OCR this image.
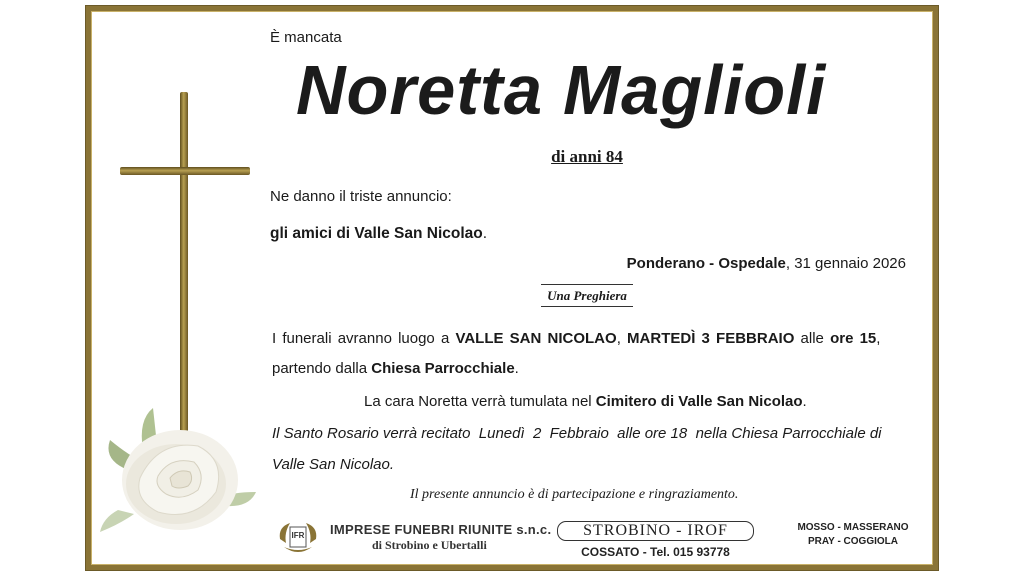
È mancata
Noretta Maglioli
di anni 84
Ne danno il triste annuncio:
gli amici di Valle San Nicolao.
Ponderano - Ospedale, 31 gennaio 2026
Una Preghiera
I funerali avranno luogo a VALLE SAN NICOLAO, MARTEDÌ 3 FEBBRAIO alle ore 15,
partendo dalla Chiesa Parrocchiale.
La cara Noretta verrà tumulata nel Cimitero di Valle San Nicolao.
Il Santo Rosario verrà recitato  Lunedì  2  Febbraio  alle ore 18  nella Chiesa Parrocchiale di
Valle San Nicolao.
Il presente annuncio è di partecipazione e ringraziamento.
IFR IMPRESE FUNEBRI RIUNITE s.n.c.
di Strobino e Ubertalli
STROBINO - IROF
COSSATO - Tel. 015 93778
MOSSO - MASSERANO
PRAY - COGGIOLA
